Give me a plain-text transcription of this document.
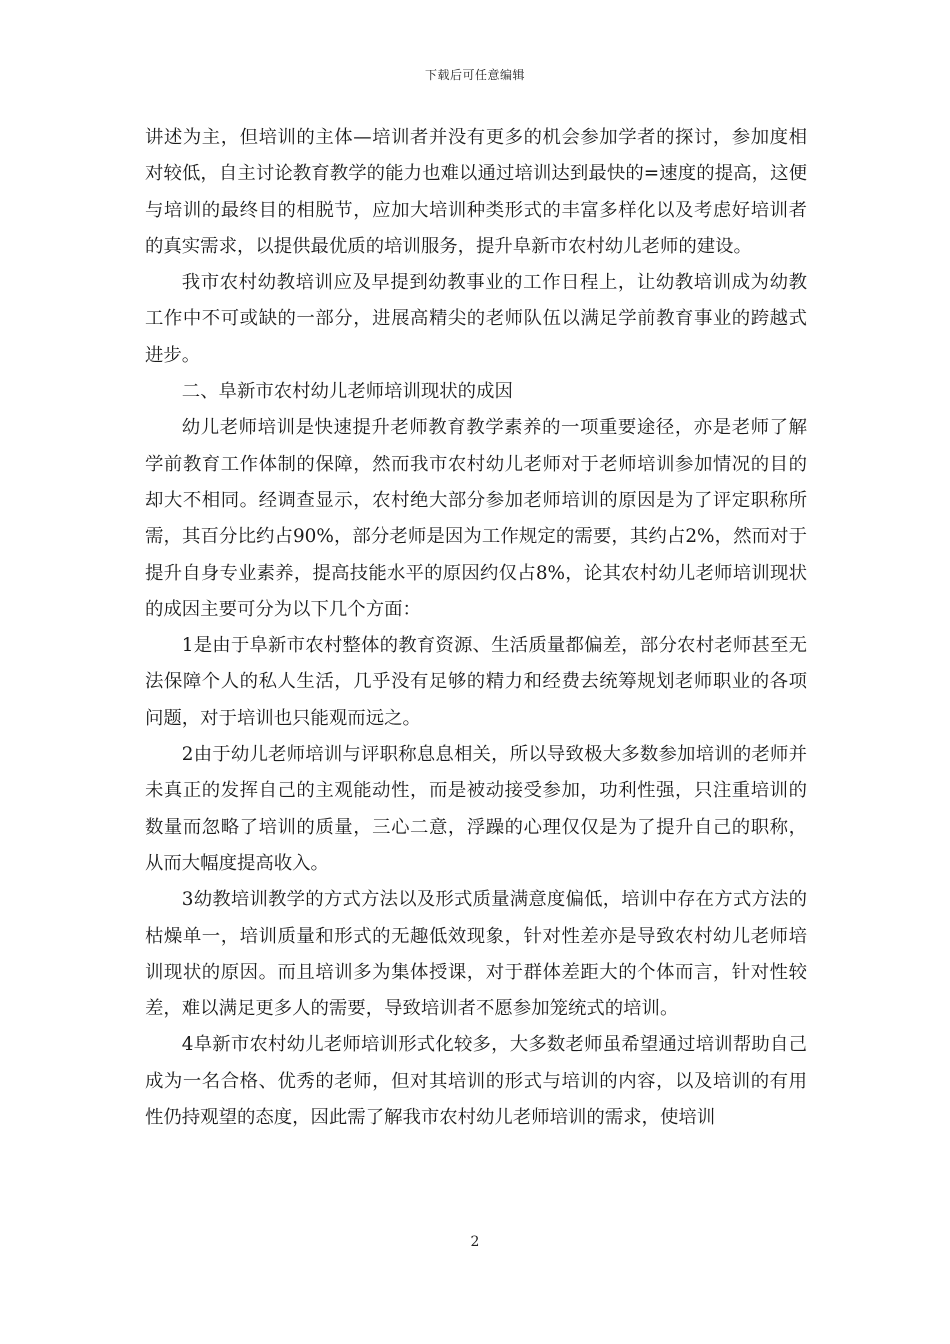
下载后可任意编辑

讲述为主，但培训的主体—培训者并没有更多的机会参加学者的探讨，参加度相对较低，自主讨论教育教学的能力也难以通过培训达到最快的=速度的提高，这便与培训的最终目的相脱节，应加大培训种类形式的丰富多样化以及考虑好培训者的真实需求，以提供最优质的培训服务，提升阜新市农村幼儿老师的建设。

我市农村幼教培训应及早提到幼教事业的工作日程上，让幼教培训成为幼教工作中不可或缺的一部分，进展高精尖的老师队伍以满足学前教育事业的跨越式进步。

二、阜新市农村幼儿老师培训现状的成因

幼儿老师培训是快速提升老师教育教学素养的一项重要途径，亦是老师了解学前教育工作体制的保障，然而我市农村幼儿老师对于老师培训参加情况的目的却大不相同。经调查显示，农村绝大部分参加老师培训的原因是为了评定职称所需，其百分比约占90%，部分老师是因为工作规定的需要，其约占2%，然而对于提升自身专业素养，提高技能水平的原因约仅占8%，论其农村幼儿老师培训现状的成因主要可分为以下几个方面：

1是由于阜新市农村整体的教育资源、生活质量都偏差，部分农村老师甚至无法保障个人的私人生活，几乎没有足够的精力和经费去统筹规划老师职业的各项问题，对于培训也只能观而远之。

2由于幼儿老师培训与评职称息息相关，所以导致极大多数参加培训的老师并未真正的发挥自己的主观能动性，而是被动接受参加，功利性强，只注重培训的数量而忽略了培训的质量，三心二意，浮躁的心理仅仅是为了提升自己的职称，从而大幅度提高收入。

3幼教培训教学的方式方法以及形式质量满意度偏低，培训中存在方式方法的枯燥单一，培训质量和形式的无趣低效现象，针对性差亦是导致农村幼儿老师培训现状的原因。而且培训多为集体授课，对于群体差距大的个体而言，针对性较差，难以满足更多人的需要，导致培训者不愿参加笼统式的培训。

4阜新市农村幼儿老师培训形式化较多，大多数老师虽希望通过培训帮助自己成为一名合格、优秀的老师，但对其培训的形式与培训的内容，以及培训的有用性仍持观望的态度，因此需了解我市农村幼儿老师培训的需求，使培训

2
